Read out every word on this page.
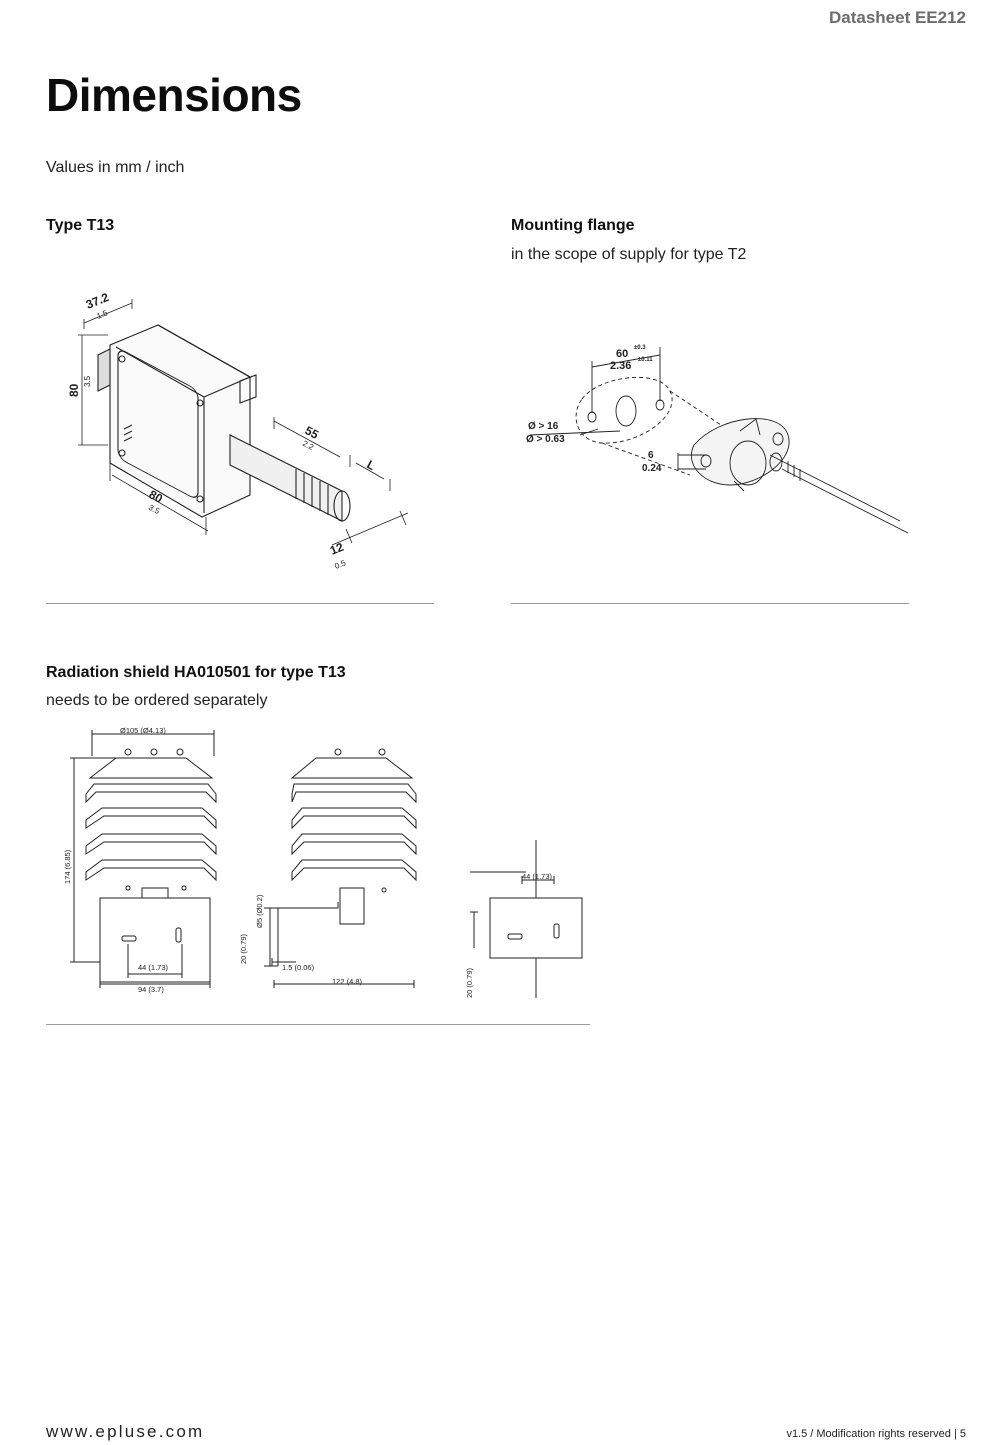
Datasheet EE212
Dimensions
Values in mm / inch
Type T13
37.2
1.5
80
3.5
80
3.5
55
2.2
L
12
0.5
Mounting flange
in the scope of supply for type T2
60 ±0.3
2.36 ±0.11
Ø > 16
Ø > 0.63
6
0.24
Radiation shield HA010501 for type T13
needs to be ordered separately
Ø105 (Ø4.13)
174 (6.85)
44 (1.73)
94 (3.7)
Ø5 (Ø0.2)
20 (0.79)
1.5 (0.06)
122 (4.8)
44 (1.73)
20 (0.79)
www.epluse.com	v1.5 / Modification rights reserved | 5
